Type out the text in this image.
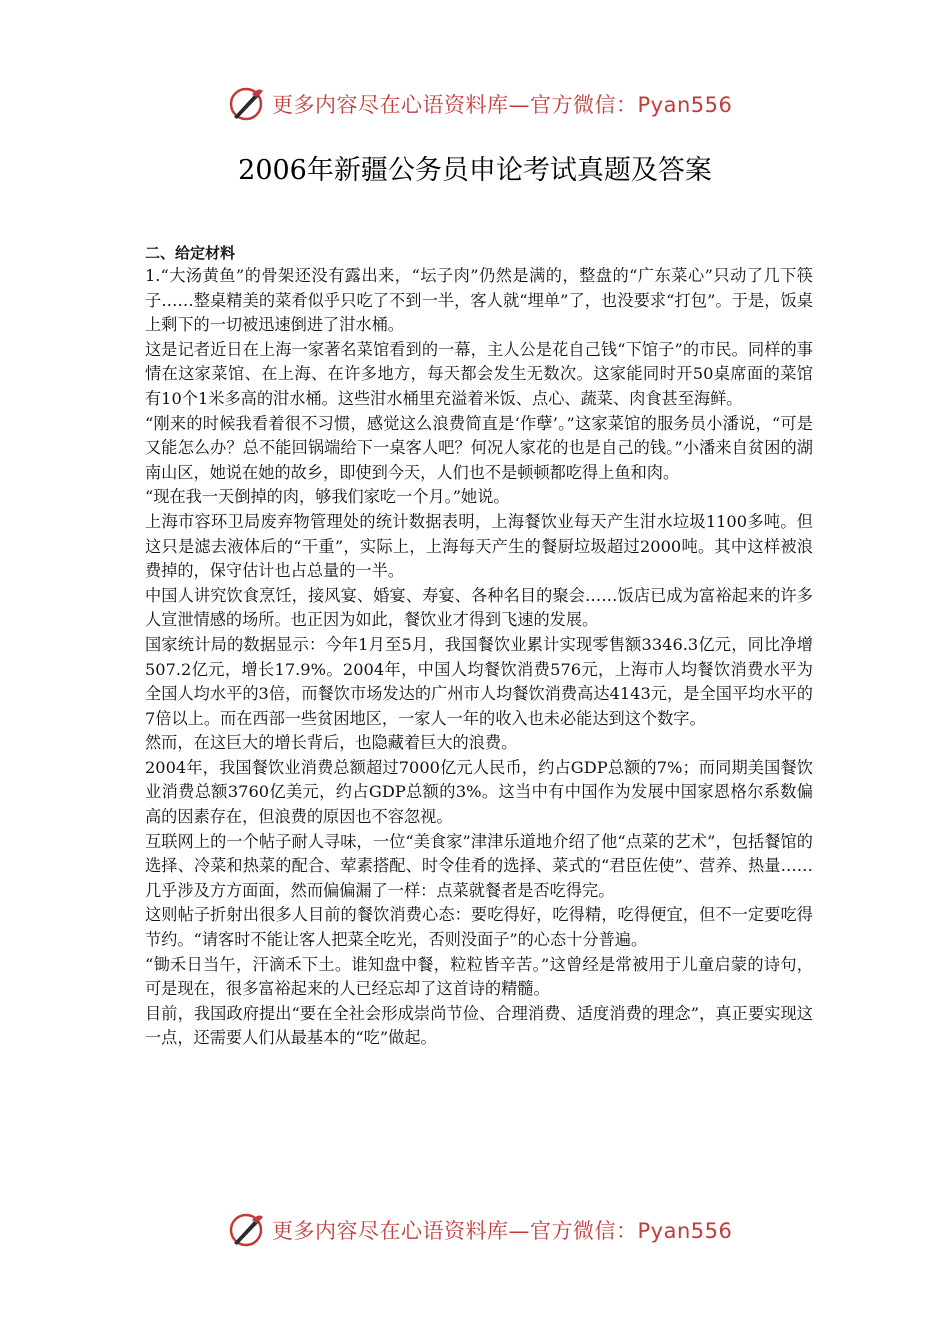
更多内容尽在心语资料库—官方微信：Pyan556
2006年新疆公务员申论考试真题及答案

二、给定材料

1.“大汤黄鱼”的骨架还没有露出来，“坛子肉”仍然是满的，整盘的“广东菜心”只动了几下筷子……整桌精美的菜肴似乎只吃了不到一半，客人就“埋单”了，也没要求“打包”。于是，饭桌上剩下的一切被迅速倒进了泔水桶。

这是记者近日在上海一家著名菜馆看到的一幕，主人公是花自己钱“下馆子”的市民。同样的事情在这家菜馆、在上海、在许多地方，每天都会发生无数次。这家能同时开50桌席面的菜馆有10个1米多高的泔水桶。这些泔水桶里充溢着米饭、点心、蔬菜、肉食甚至海鲜。

“刚来的时候我看着很不习惯，感觉这么浪费简直是‘作孽’。”这家菜馆的服务员小潘说，“可是又能怎么办？总不能回锅端给下一桌客人吧？何况人家花的也是自己的钱。”小潘来自贫困的湖南山区，她说在她的故乡，即使到今天，人们也不是顿顿都吃得上鱼和肉。

“现在我一天倒掉的肉，够我们家吃一个月。”她说。

上海市容环卫局废弃物管理处的统计数据表明，上海餐饮业每天产生泔水垃圾1100多吨。但这只是滤去液体后的“干重”，实际上，上海每天产生的餐厨垃圾超过2000吨。其中这样被浪费掉的，保守估计也占总量的一半。

中国人讲究饮食烹饪，接风宴、婚宴、寿宴、各种名目的聚会……饭店已成为富裕起来的许多人宣泄情感的场所。也正因为如此，餐饮业才得到飞速的发展。

国家统计局的数据显示：今年1月至5月，我国餐饮业累计实现零售额3346.3亿元，同比净增507.2亿元，增长17.9%。2004年，中国人均餐饮消费576元，上海市人均餐饮消费水平为全国人均水平的3倍，而餐饮市场发达的广州市人均餐饮消费高达4143元，是全国平均水平的7倍以上。而在西部一些贫困地区，一家人一年的收入也未必能达到这个数字。

然而，在这巨大的增长背后，也隐藏着巨大的浪费。

2004年，我国餐饮业消费总额超过7000亿元人民币，约占GDP总额的7%；而同期美国餐饮业消费总额3760亿美元，约占GDP总额的3%。这当中有中国作为发展中国家恩格尔系数偏高的因素存在，但浪费的原因也不容忽视。

互联网上的一个帖子耐人寻味，一位“美食家”津津乐道地介绍了他“点菜的艺术”，包括餐馆的选择、冷菜和热菜的配合、荤素搭配、时令佳肴的选择、菜式的“君臣佐使”、营养、热量……几乎涉及方方面面，然而偏偏漏了一样：点菜就餐者是否吃得完。

这则帖子折射出很多人目前的餐饮消费心态：要吃得好，吃得精，吃得便宜，但不一定要吃得节约。“请客时不能让客人把菜全吃光，否则没面子”的心态十分普遍。

“锄禾日当午，汗滴禾下土。谁知盘中餐，粒粒皆辛苦。”这曾经是常被用于儿童启蒙的诗句，可是现在，很多富裕起来的人已经忘却了这首诗的精髓。

目前，我国政府提出“要在全社会形成崇尚节俭、合理消费、适度消费的理念”，真正要实现这一点，还需要人们从最基本的“吃”做起。

更多内容尽在心语资料库—官方微信：Pyan556
